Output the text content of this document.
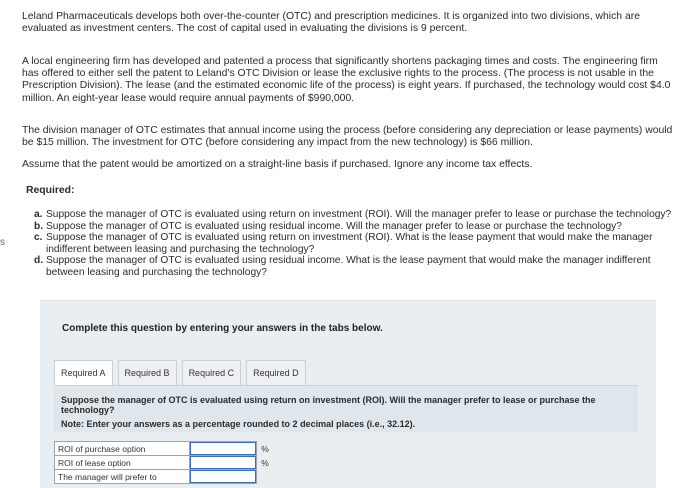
Leland Pharmaceuticals develops both over-the-counter (OTC) and prescription medicines. It is organized into two divisions, which are evaluated as investment centers. The cost of capital used in evaluating the divisions is 9 percent.

A local engineering firm has developed and patented a process that significantly shortens packaging times and costs. The engineering firm has offered to either sell the patent to Leland's OTC Division or lease the exclusive rights to the process. (The process is not usable in the Prescription Division). The lease (and the estimated economic life of the process) is eight years. If purchased, the technology would cost $4.0 million. An eight-year lease would require annual payments of $990,000.

The division manager of OTC estimates that annual income using the process (before considering any depreciation or lease payments) would be $15 million. The investment for OTC (before considering any impact from the new technology) is $66 million.

Assume that the patent would be amortized on a straight-line basis if purchased. Ignore any income tax effects.

Required:

s
a. Suppose the manager of OTC is evaluated using return on investment (ROI). Will the manager prefer to lease or purchase the technology?
b. Suppose the manager of OTC is evaluated using residual income. Will the manager prefer to lease or purchase the technology?
c. Suppose the manager of OTC is evaluated using return on investment (ROI). What is the lease payment that would make the manager indifferent between leasing and purchasing the technology?
d. Suppose the manager of OTC is evaluated using residual income. What is the lease payment that would make the manager indifferent between leasing and purchasing the technology?
Complete this question by entering your answers in the tabs below.
Required A	Required B	Required C	Required D

Suppose the manager of OTC is evaluated using return on investment (ROI). Will the manager prefer to lease or purchase the technology?

Note: Enter your answers as a percentage rounded to 2 decimal places (i.e., 32.12).

ROI of purchase option		%
ROI of lease option		%
The manager will prefer to		
